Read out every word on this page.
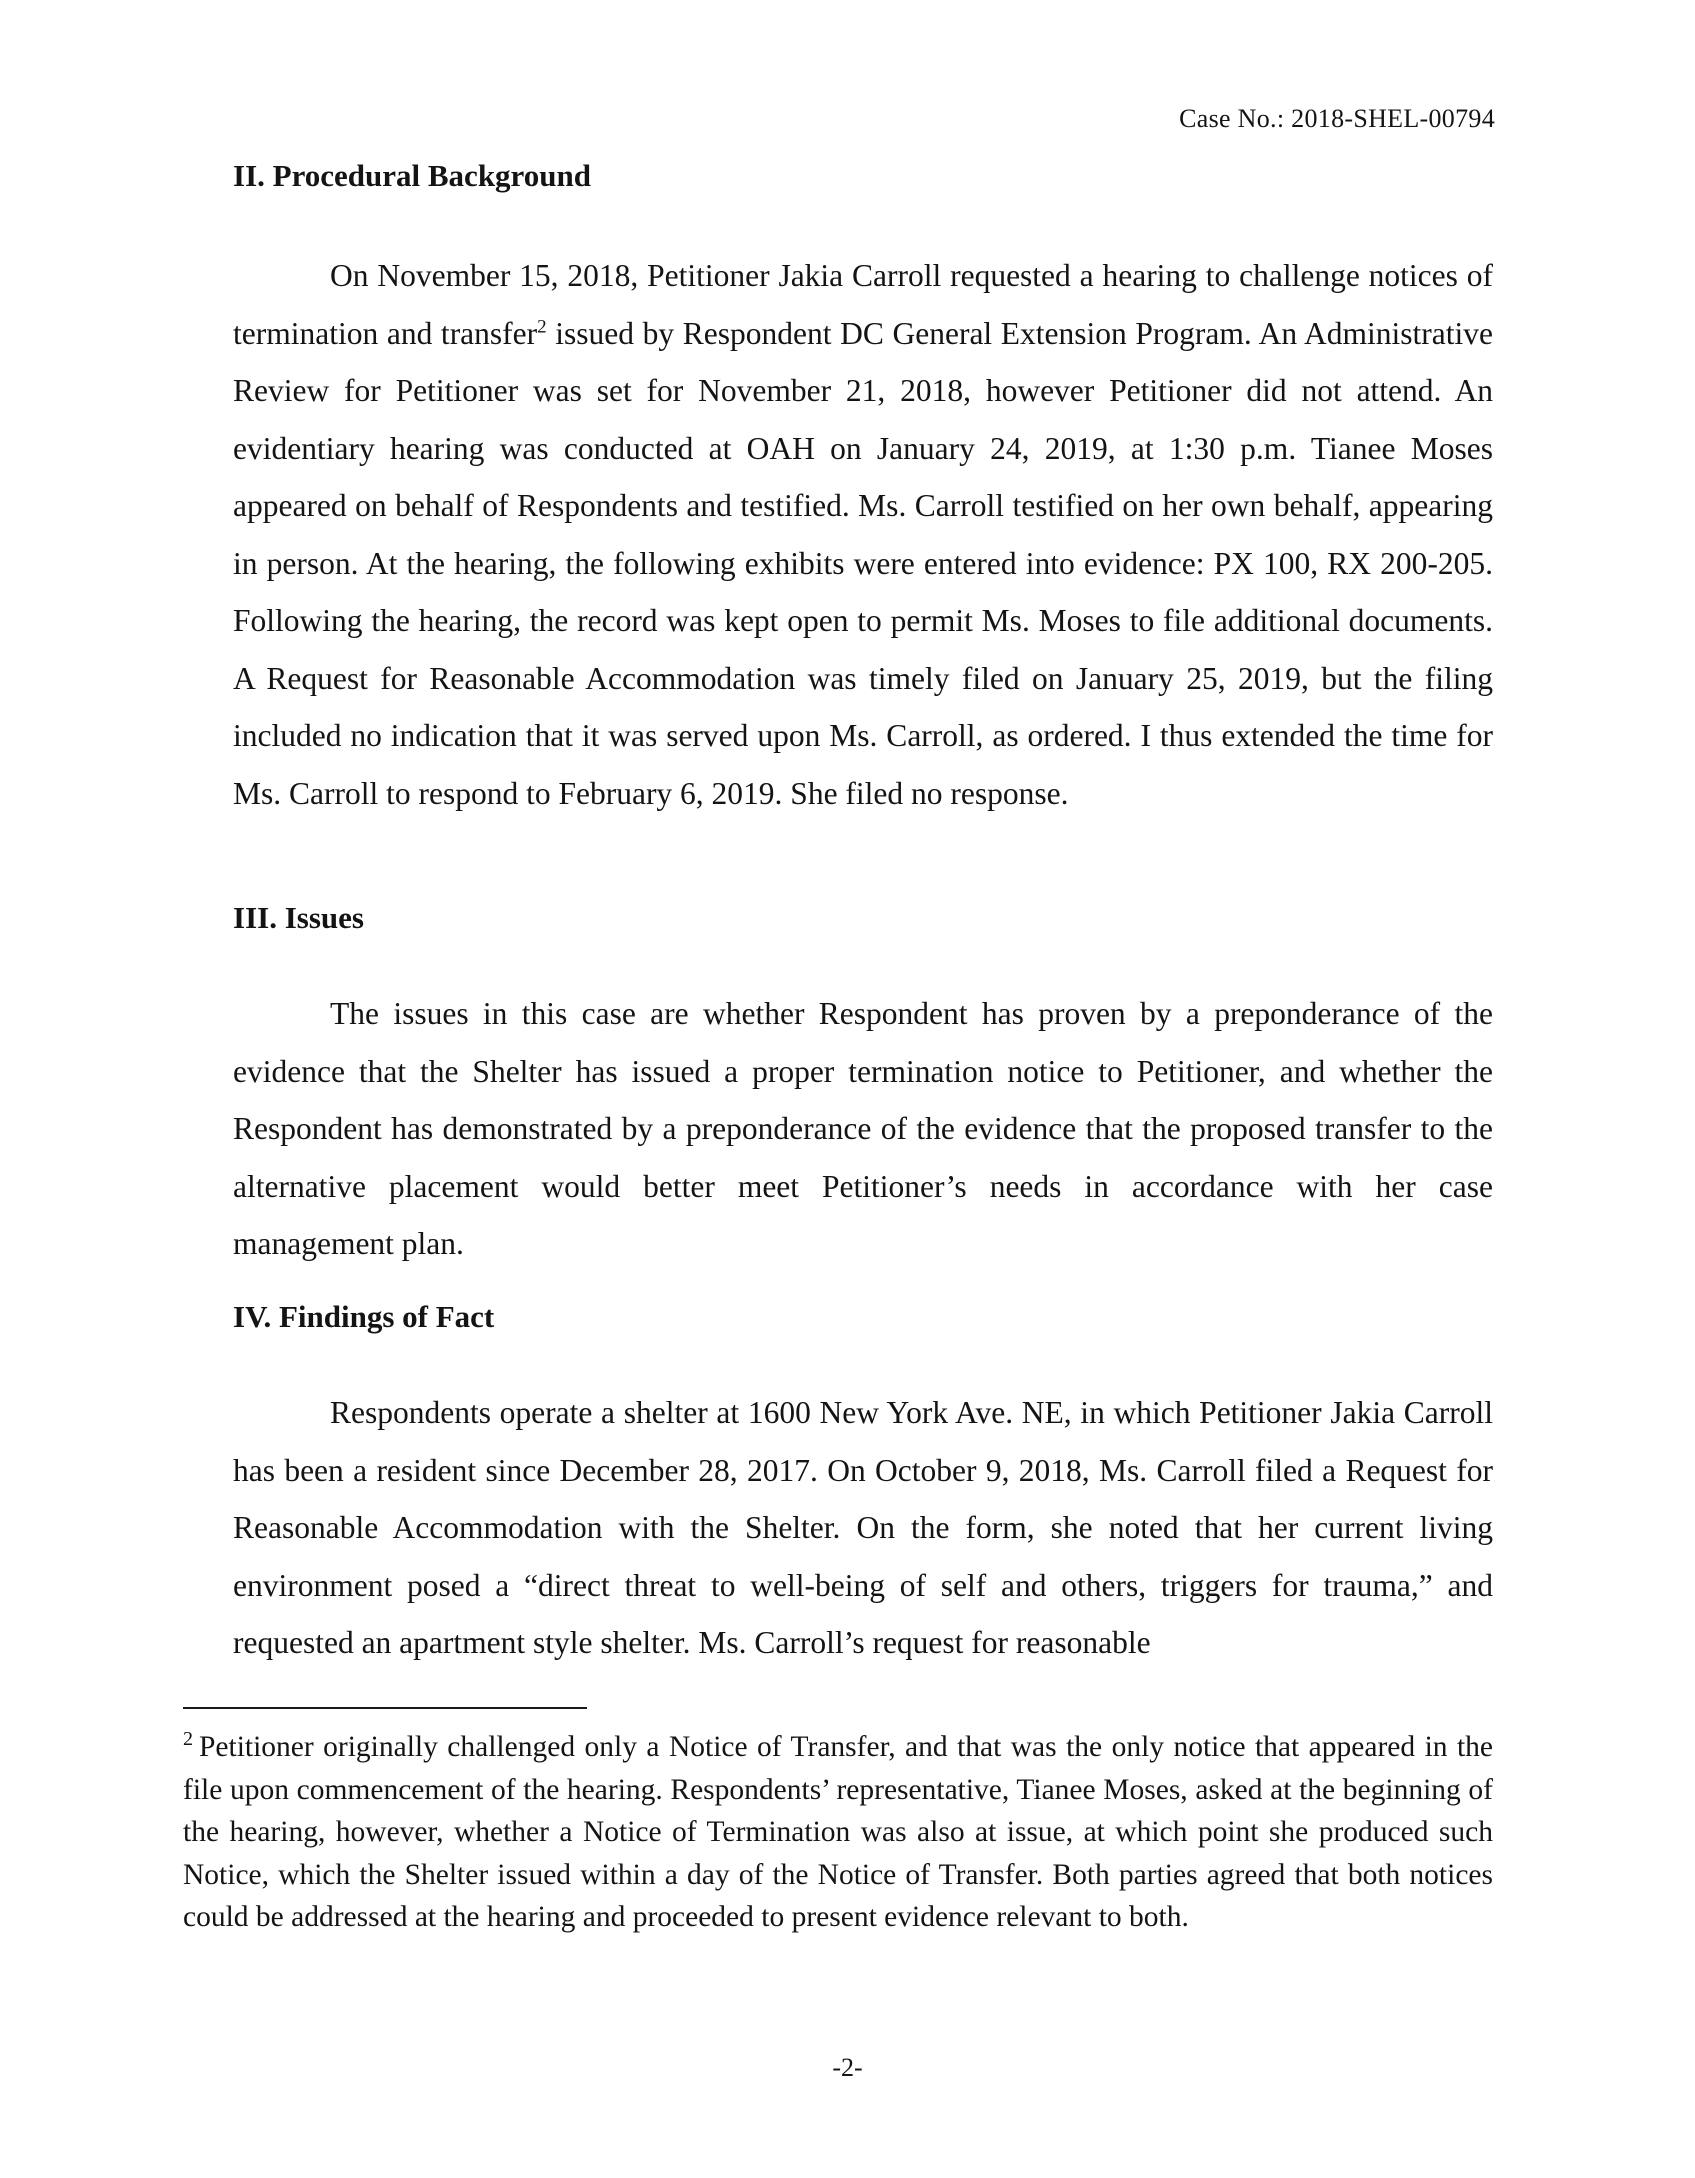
Case No.: 2018-SHEL-00794
II. Procedural Background

On November 15, 2018, Petitioner Jakia Carroll requested a hearing to challenge notices of termination and transfer$^2$ issued by Respondent DC General Extension Program. An Administrative Review for Petitioner was set for November 21, 2018, however Petitioner did not attend. An evidentiary hearing was conducted at OAH on January 24, 2019, at 1:30 p.m. Tianee Moses appeared on behalf of Respondents and testified. Ms. Carroll testified on her own behalf, appearing in person. At the hearing, the following exhibits were entered into evidence: PX 100, RX 200-205. Following the hearing, the record was kept open to permit Ms. Moses to file additional documents. A Request for Reasonable Accommodation was timely filed on January 25, 2019, but the filing included no indication that it was served upon Ms. Carroll, as ordered. I thus extended the time for Ms. Carroll to respond to February 6, 2019. She filed no response.

III. Issues

The issues in this case are whether Respondent has proven by a preponderance of the evidence that the Shelter has issued a proper termination notice to Petitioner, and whether the Respondent has demonstrated by a preponderance of the evidence that the proposed transfer to the alternative placement would better meet Petitioner’s needs in accordance with her case management plan.

IV. Findings of Fact

Respondents operate a shelter at 1600 New York Ave. NE, in which Petitioner Jakia Carroll has been a resident since December 28, 2017. On October 9, 2018, Ms. Carroll filed a Request for Reasonable Accommodation with the Shelter. On the form, she noted that her current living environment posed a “direct threat to well-being of self and others, triggers for trauma,” and requested an apartment style shelter. Ms. Carroll’s request for reasonable

$^2$ Petitioner originally challenged only a Notice of Transfer, and that was the only notice that appeared in the file upon commencement of the hearing. Respondents’ representative, Tianee Moses, asked at the beginning of the hearing, however, whether a Notice of Termination was also at issue, at which point she produced such Notice, which the Shelter issued within a day of the Notice of Transfer. Both parties agreed that both notices could be addressed at the hearing and proceeded to present evidence relevant to both.

-2-
